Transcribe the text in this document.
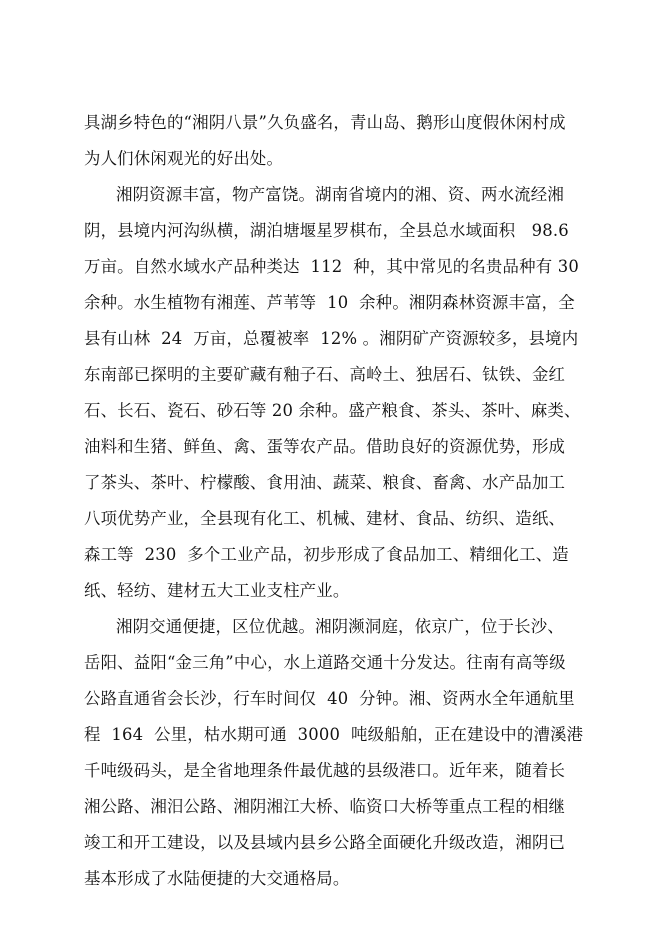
具湖乡特色的“湘阴八景”久负盛名，青山岛、鹅形山度假休闲村成
为人们休闲观光的好出处。
湘阴资源丰富，物产富饶。湖南省境内的湘、资、两水流经湘
阴，县境内河沟纵横，湖泊塘堰星罗棋布，全县总水域面积   98.6
万亩。自然水域水产品种类达  112  种，其中常见的名贵品种有 30
余种。水生植物有湘莲、芦苇等  10  余种。湘阴森林资源丰富，全
县有山林  24  万亩，总覆被率  12% 。湘阴矿产资源较多，县境内
东南部已探明的主要矿藏有釉子石、高岭土、独居石、钛铁、金红
石、长石、瓷石、砂石等 20 余种。盛产粮食、茶头、茶叶、麻类、
油料和生猪、鲜鱼、禽、蛋等农产品。借助良好的资源优势，形成
了茶头、茶叶、柠檬酸、食用油、蔬菜、粮食、畜禽、水产品加工
八项优势产业，全县现有化工、机械、建材、食品、纺织、造纸、
森工等  230  多个工业产品，初步形成了食品加工、精细化工、造
纸、轻纺、建材五大工业支柱产业。
湘阴交通便捷，区位优越。湘阴濒洞庭，依京广，位于长沙、
岳阳、益阳“金三角”中心，水上道路交通十分发达。往南有高等级
公路直通省会长沙，行车时间仅  40  分钟。湘、资两水全年通航里
程  164  公里，枯水期可通  3000  吨级船舶，正在建设中的漕溪港
千吨级码头，是全省地理条件最优越的县级港口。近年来，随着长
湘公路、湘汨公路、湘阴湘江大桥、临资口大桥等重点工程的相继
竣工和开工建设，以及县域内县乡公路全面硬化升级改造，湘阴已
基本形成了水陆便捷的大交通格局。
